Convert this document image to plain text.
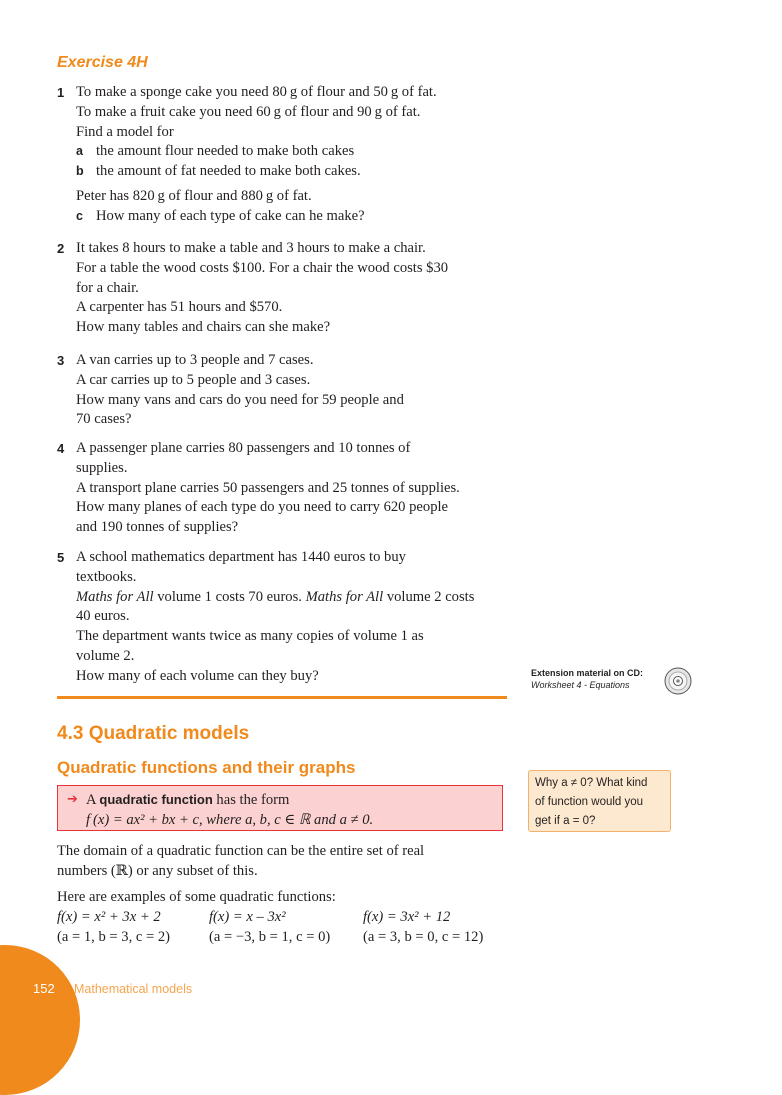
Exercise 4H
1 To make a sponge cake you need 80 g of flour and 50 g of fat.
To make a fruit cake you need 60 g of flour and 90 g of fat.
Find a model for
a the amount flour needed to make both cakes
b the amount of fat needed to make both cakes.
Peter has 820 g of flour and 880 g of fat.
c How many of each type of cake can he make?
2 It takes 8 hours to make a table and 3 hours to make a chair.
For a table the wood costs $100. For a chair the wood costs $30
for a chair.
A carpenter has 51 hours and $570.
How many tables and chairs can she make?
3 A van carries up to 3 people and 7 cases.
A car carries up to 5 people and 3 cases.
How many vans and cars do you need for 59 people and
70 cases?
4 A passenger plane carries 80 passengers and 10 tonnes of
supplies.
A transport plane carries 50 passengers and 25 tonnes of supplies.
How many planes of each type do you need to carry 620 people
and 190 tonnes of supplies?
5 A school mathematics department has 1440 euros to buy
textbooks.
Maths for All volume 1 costs 70 euros. Maths for All volume 2 costs
40 euros.
The department wants twice as many copies of volume 1 as
volume 2.
How many of each volume can they buy?	Extension material on CD:
Worksheet 4 - Equations
4.3 Quadratic models
Quadratic functions and their graphs
➔ A quadratic function has the form
f (x) = ax² + bx + c, where a, b, c ∈ ℝ and a ≠ 0.
Why a ≠ 0? What kind
of function would you
get if a = 0?
The domain of a quadratic function can be the entire set of real
numbers (ℝ) or any subset of this.
Here are examples of some quadratic functions:
f(x) = x² + 3x + 2
(a = 1, b = 3, c = 2)
f(x) = x – 3x²
(a = −3, b = 1, c = 0)
f(x) = 3x² + 12
(a = 3, b = 0, c = 12)
152 Mathematical models
